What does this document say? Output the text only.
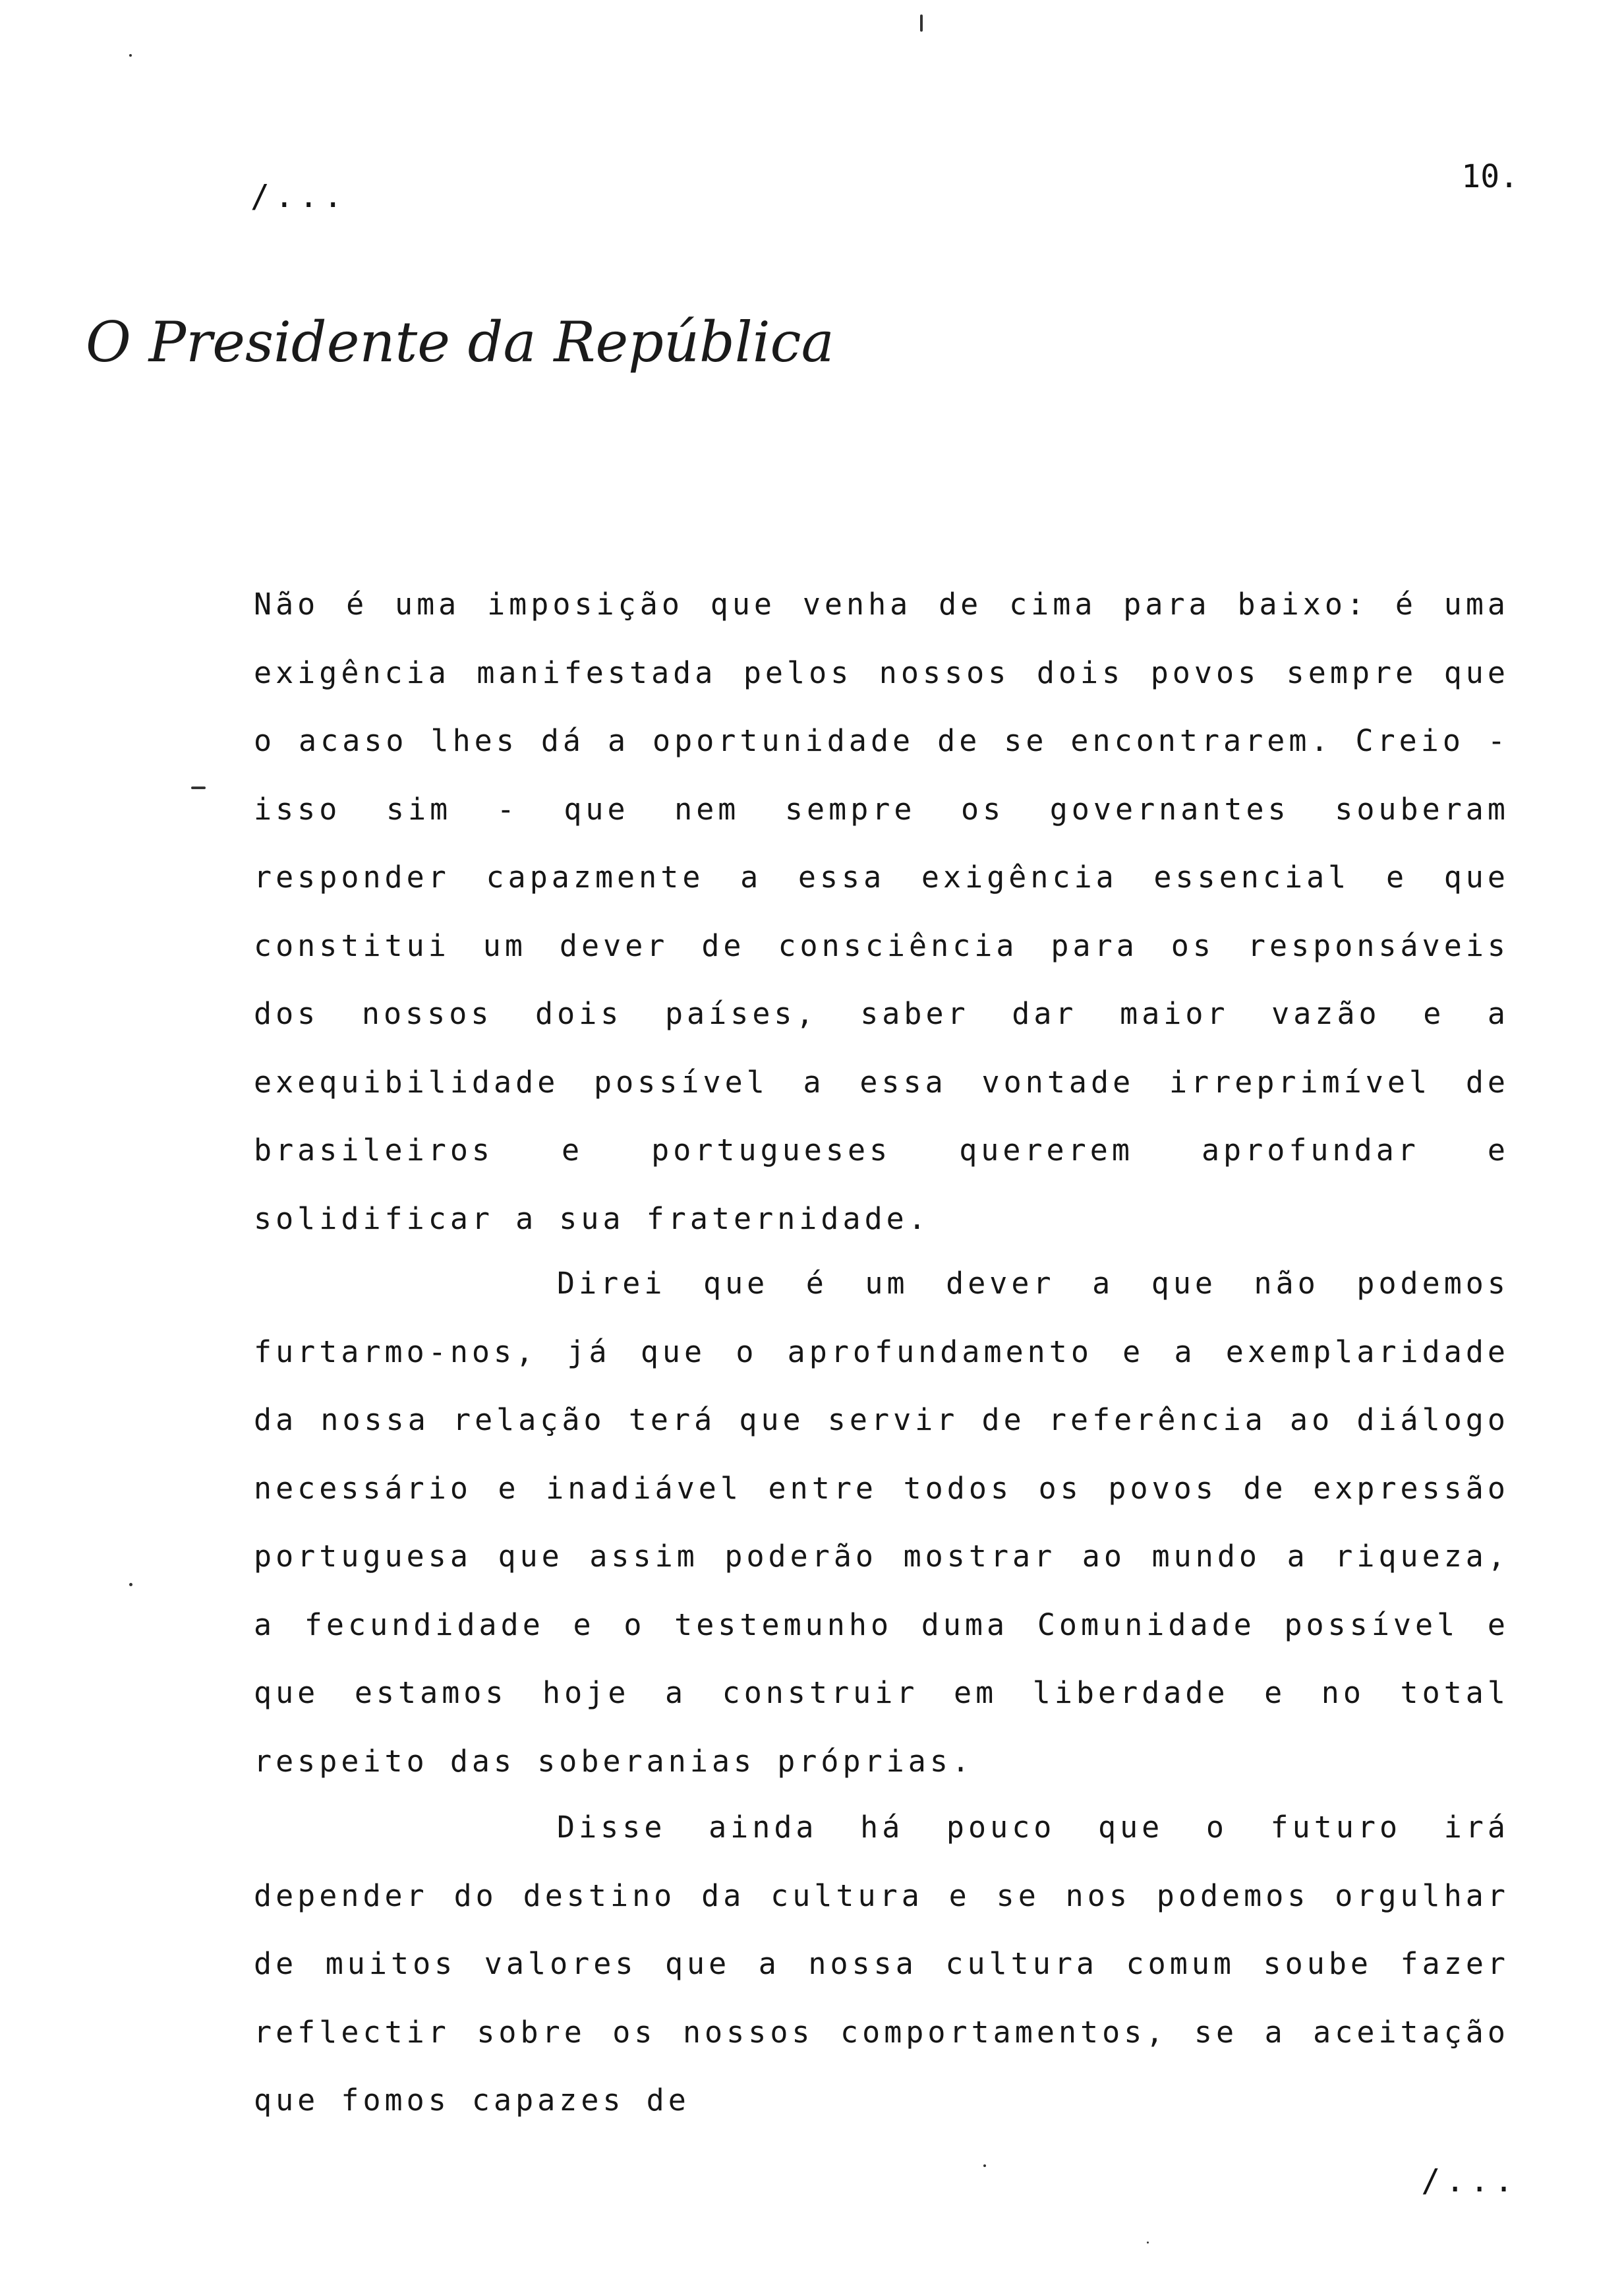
/...
10.
O Presidente da República

Não é uma imposição que venha de cima para baixo: é uma exigência manifestada pelos nossos dois povos sempre que o acaso lhes dá a oportunidade de se encontrarem. Creio - isso sim - que nem sempre os governantes souberam responder capazmente a essa exigência essencial e que constitui um dever de consciência para os responsáveis dos nossos dois países, saber dar maior vazão e a exequibilidade possível a essa vontade irreprimível de brasileiros e portugueses quererem aprofundar e solidificar a sua fraternidade.

Direi que é um dever a que não podemos furtarmo-nos, já que o aprofundamento e a exemplaridade da nossa relação terá que servir de referência ao diálogo necessário e inadiável entre todos os povos de expressão portuguesa que assim poderão mostrar ao mundo a riqueza, a fecundidade e o testemunho duma Comunidade possível e que estamos hoje a construir em liberdade e no total respeito das soberanias próprias.

Disse ainda há pouco que o futuro irá depender do destino da cultura e se nos podemos orgulhar de muitos valores que a nossa cultura comum soube fazer reflectir sobre os nossos comportamentos, se a aceitação que fomos capazes de

/...
